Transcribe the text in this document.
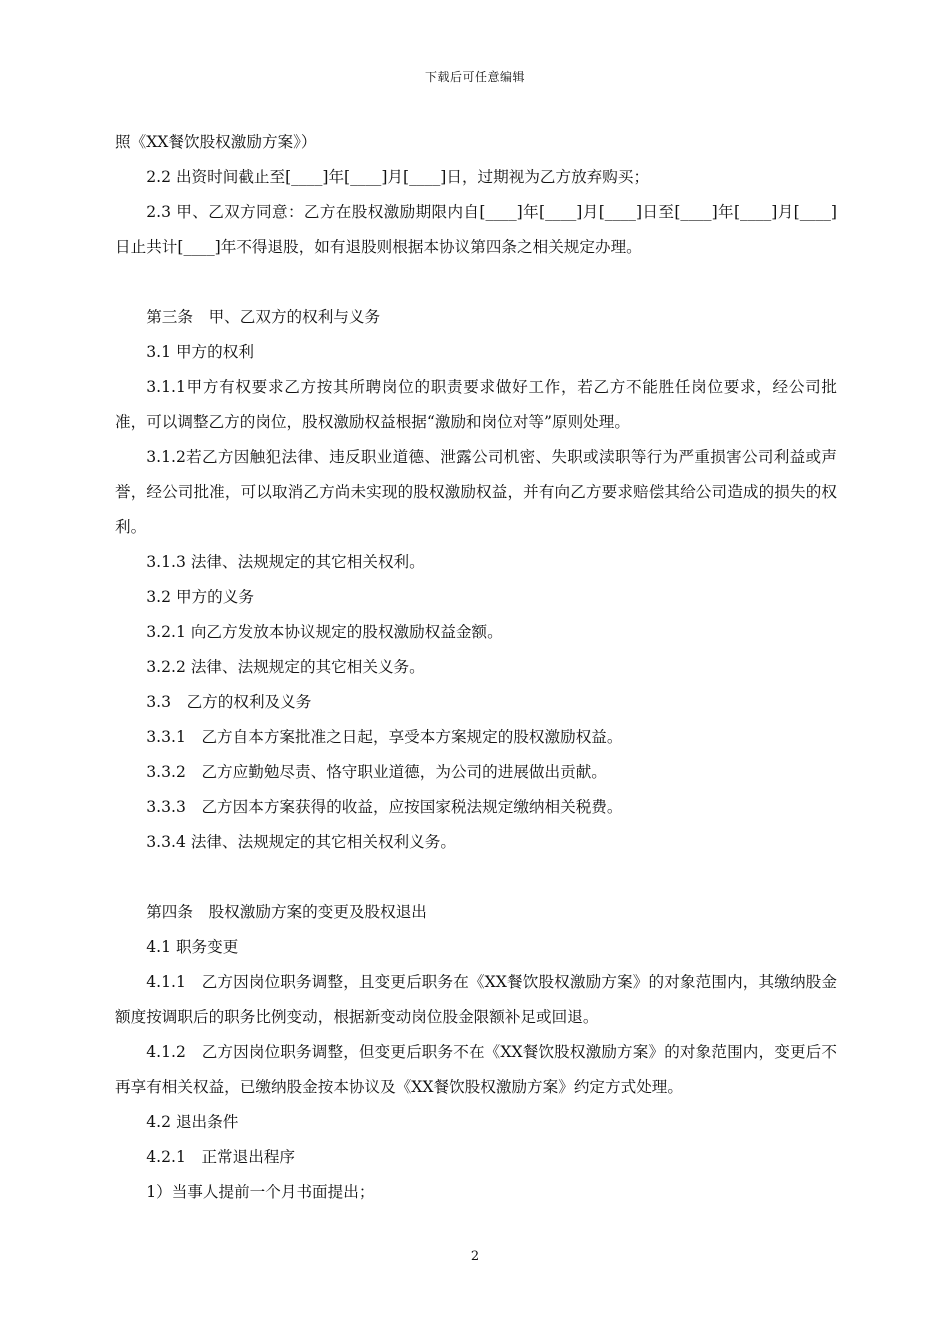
下载后可任意编辑

照《XX餐饮股权激励方案》）

2.2 出资时间截止至[____]年[____]月[____]日，过期视为乙方放弃购买；

2.3 甲、乙双方同意：乙方在股权激励期限内自[____]年[____]月[____]日至[____]年[____]月[____]日止共计[____]年不得退股，如有退股则根据本协议第四条之相关规定办理。

第三条　甲、乙双方的权利与义务

3.1 甲方的权利

3.1.1甲方有权要求乙方按其所聘岗位的职责要求做好工作，若乙方不能胜任岗位要求，经公司批准，可以调整乙方的岗位，股权激励权益根据“激励和岗位对等”原则处理。

3.1.2若乙方因触犯法律、违反职业道德、泄露公司机密、失职或渎职等行为严重损害公司利益或声誉，经公司批准，可以取消乙方尚未实现的股权激励权益，并有向乙方要求赔偿其给公司造成的损失的权利。

3.1.3 法律、法规规定的其它相关权利。

3.2 甲方的义务

3.2.1 向乙方发放本协议规定的股权激励权益金额。

3.2.2 法律、法规规定的其它相关义务。

3.3　乙方的权利及义务

3.3.1　乙方自本方案批准之日起，享受本方案规定的股权激励权益。

3.3.2　乙方应勤勉尽责、恪守职业道德，为公司的进展做出贡献。

3.3.3　乙方因本方案获得的收益，应按国家税法规定缴纳相关税费。

3.3.4 法律、法规规定的其它相关权利义务。

第四条　股权激励方案的变更及股权退出

4.1 职务变更

4.1.1　乙方因岗位职务调整，且变更后职务在《XX餐饮股权激励方案》的对象范围内，其缴纳股金额度按调职后的职务比例变动，根据新变动岗位股金限额补足或回退。

4.1.2　乙方因岗位职务调整，但变更后职务不在《XX餐饮股权激励方案》的对象范围内，变更后不再享有相关权益，已缴纳股金按本协议及《XX餐饮股权激励方案》约定方式处理。

4.2 退出条件

4.2.1　正常退出程序

1）当事人提前一个月书面提出；

2
